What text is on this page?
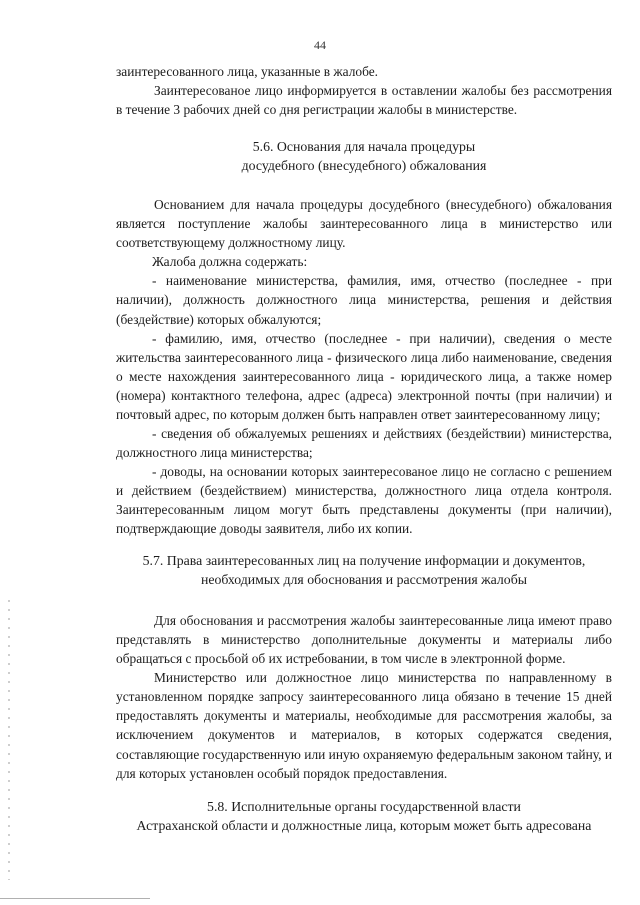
44

заинтересованного лица, указанные в жалобе.

Заинтересованое лицо информируется в оставлении жалобы без рассмотрения в течение 3 рабочих дней со дня регистрации жалобы в министерстве.

5.6. Основания для начала процедуры
досудебного (внесудебного) обжалования

Основанием для начала процедуры досудебного (внесудебного) обжалования является поступление жалобы заинтересованного лица в министерство или соответствующему должностному лицу.

Жалоба должна содержать:

- наименование министерства, фамилия, имя, отчество (последнее - при наличии), должность должностного лица министерства, решения и действия (бездействие) которых обжалуются;

- фамилию, имя, отчество (последнее - при наличии), сведения о месте жительства заинтересованного лица - физического лица либо наименование, сведения о месте нахождения заинтересованного лица - юридического лица, а также номер (номера) контактного телефона, адрес (адреса) электронной почты (при наличии) и почтовый адрес, по которым должен быть направлен ответ заинтересованному лицу;

- сведения об обжалуемых решениях и действиях (бездействии) министерства, должностного лица министерства;

- доводы, на основании которых заинтересованое лицо не согласно с решением и действием (бездействием) министерства, должностного лица отдела контроля. Заинтересованным лицом могут быть представлены документы (при наличии), подтверждающие доводы заявителя, либо их копии.

5.7. Права заинтересованных лиц на получение информации и документов,
необходимых для обоснования и рассмотрения жалобы

Для обоснования и рассмотрения жалобы заинтересованные лица имеют право представлять в министерство дополнительные документы и материалы либо обращаться с просьбой об их истребовании, в том числе в электронной форме.

Министерство или должностное лицо министерства по направленному в установленном порядке запросу заинтересованного лица обязано в течение 15 дней предоставлять документы и материалы, необходимые для рассмотрения жалобы, за исключением документов и материалов, в которых содержатся сведения, составляющие государственную или иную охраняемую федеральным законом тайну, и для которых установлен особый порядок предоставления.

5.8. Исполнительные органы государственной власти
Астраханской области и должностные лица, которым может быть адресована
